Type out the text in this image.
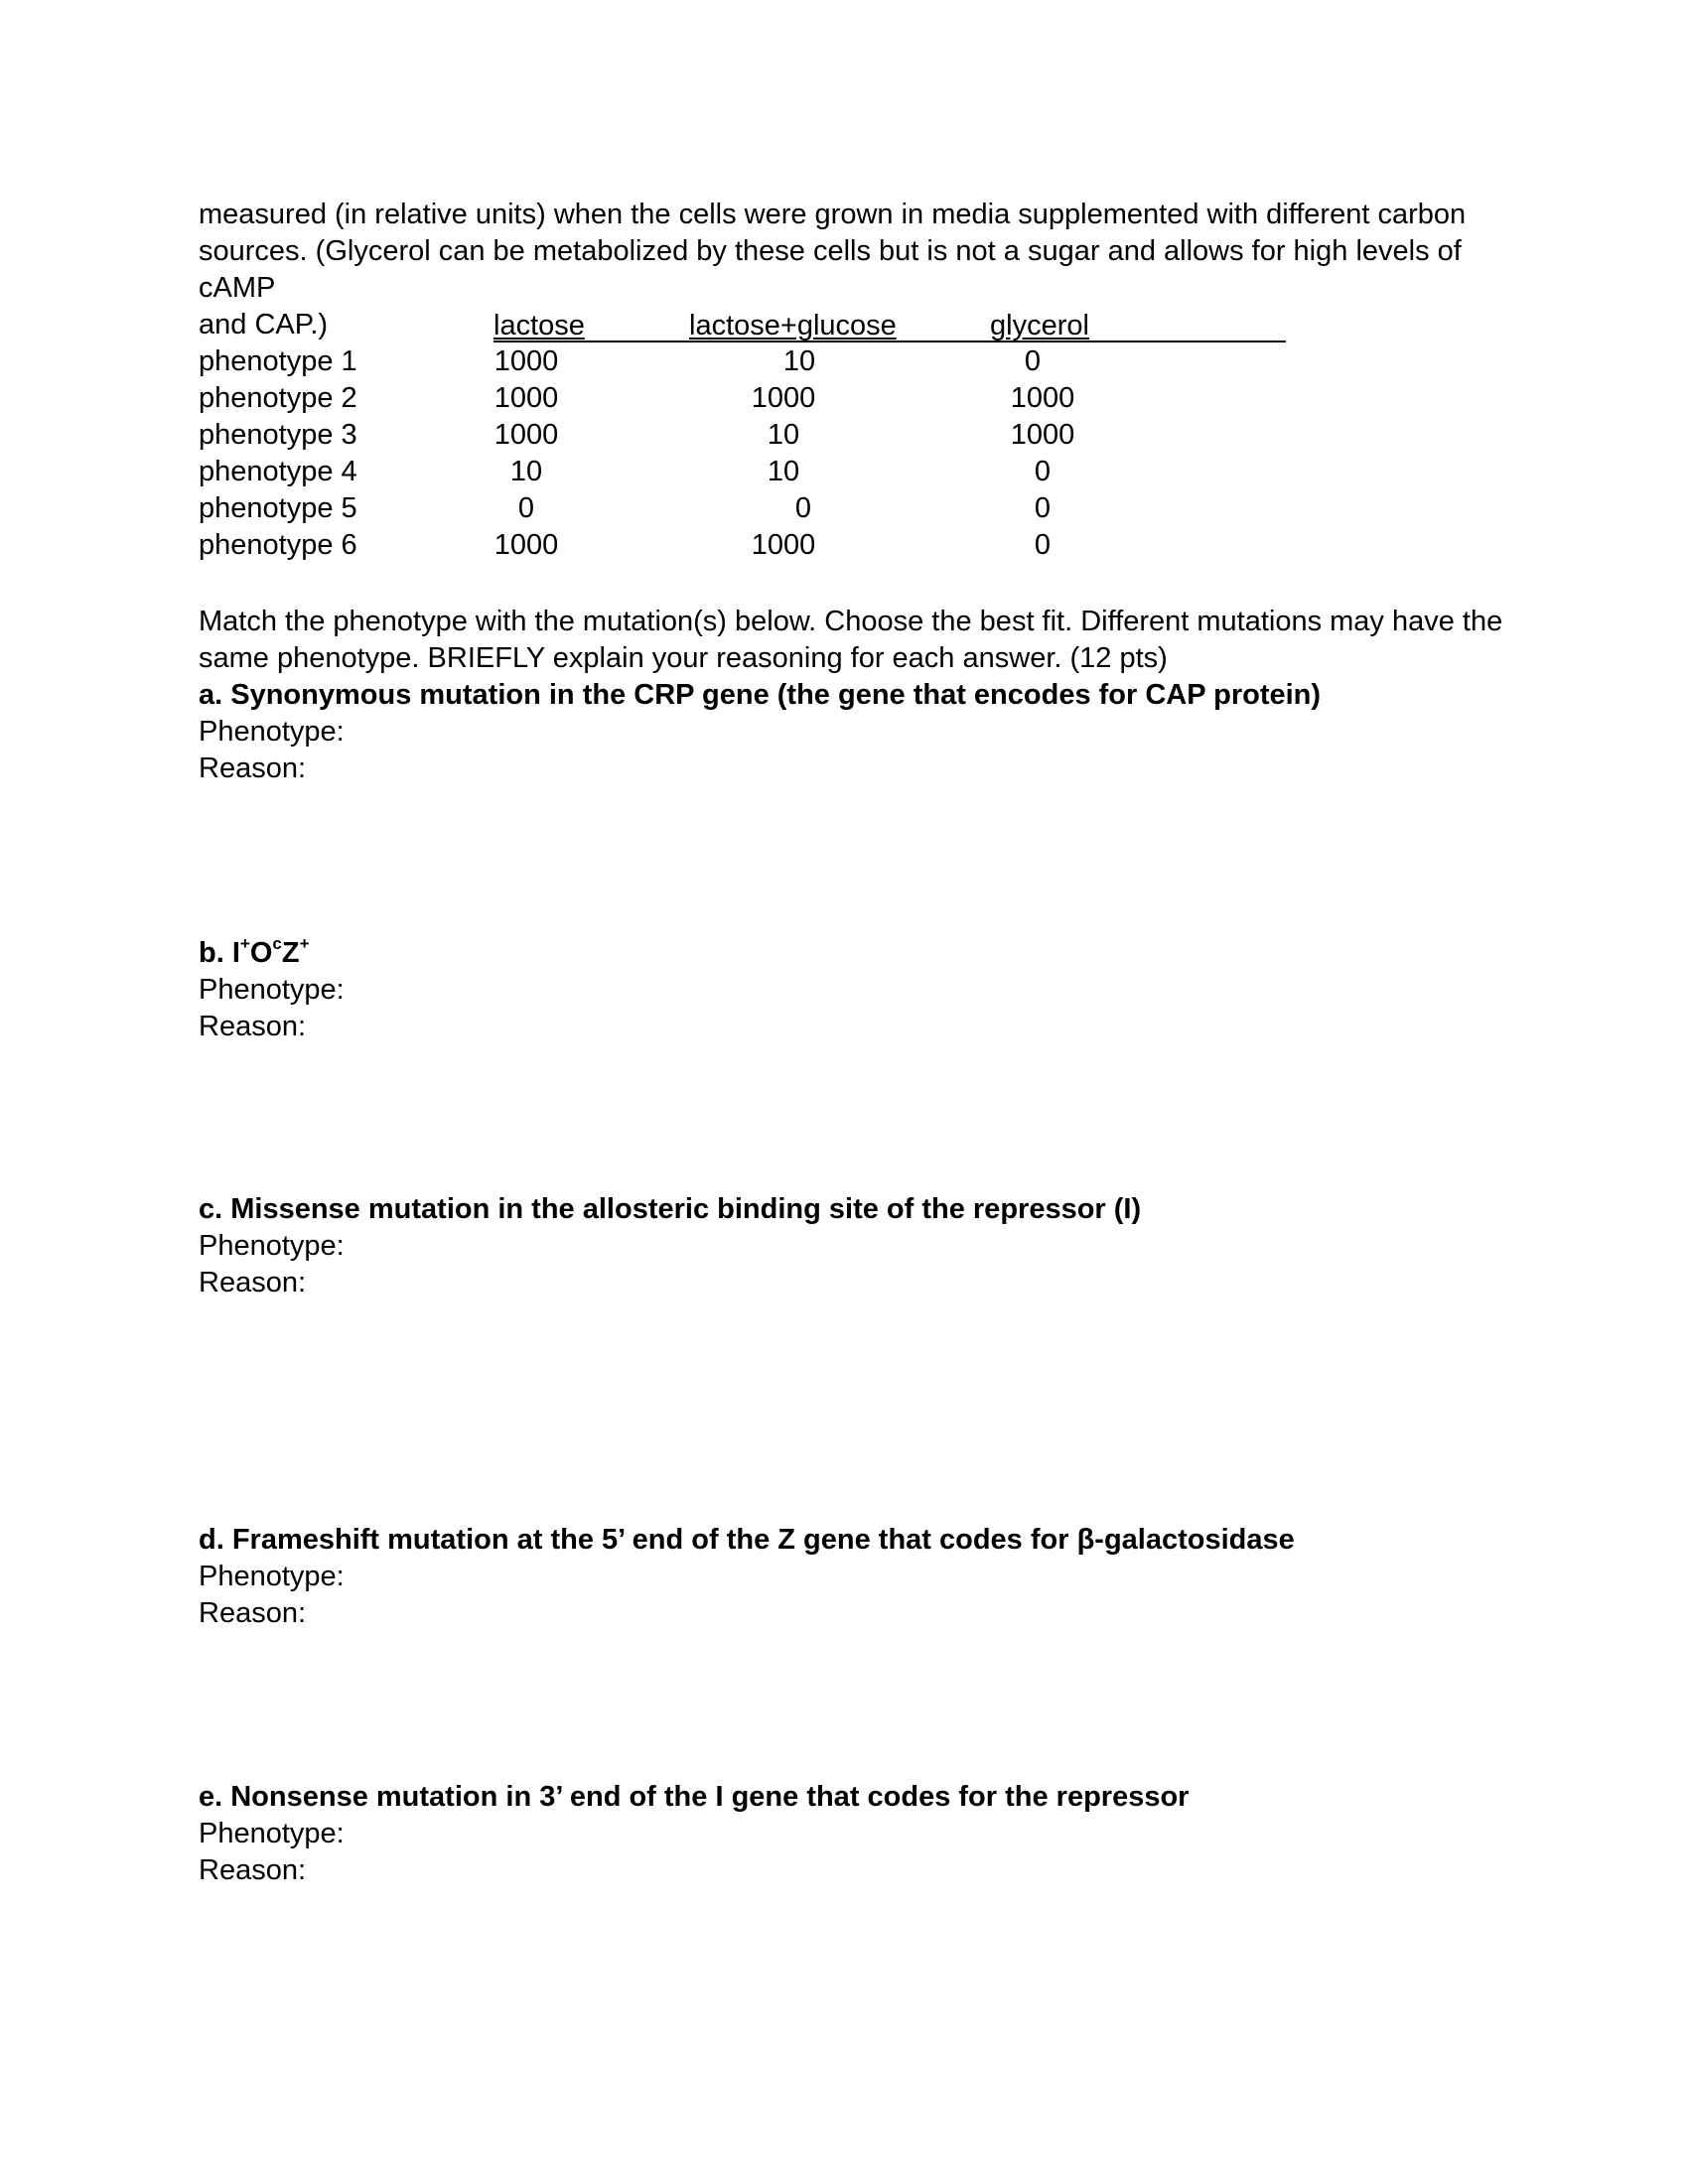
measured (in relative units) when the cells were grown in media supplemented with different carbon

sources. (Glycerol can be metabolized by these cells but is not a sugar and allows for high levels of cAMP

and CAP.)	lactose	lactose+glucose	glycerol
phenotype 1	1000	10	0
phenotype 2	1000	1000	1000
phenotype 3	1000	10	1000
phenotype 4	10	10	0
phenotype 5	0	0	0
phenotype 6	1000	1000	0

Match the phenotype with the mutation(s) below. Choose the best fit. Different mutations may have the

same phenotype. BRIEFLY explain your reasoning for each answer. (12 pts)

a. Synonymous mutation in the CRP gene (the gene that encodes for CAP protein)
Phenotype:
Reason:
b. $I^+O^cZ^+$
Phenotype:
Reason:
c. Missense mutation in the allosteric binding site of the repressor (I)
Phenotype:
Reason:
d. Frameshift mutation at the 5’ end of the Z gene that codes for β-galactosidase
Phenotype:
Reason:
e. Nonsense mutation in 3’ end of the I gene that codes for the repressor
Phenotype:
Reason:
